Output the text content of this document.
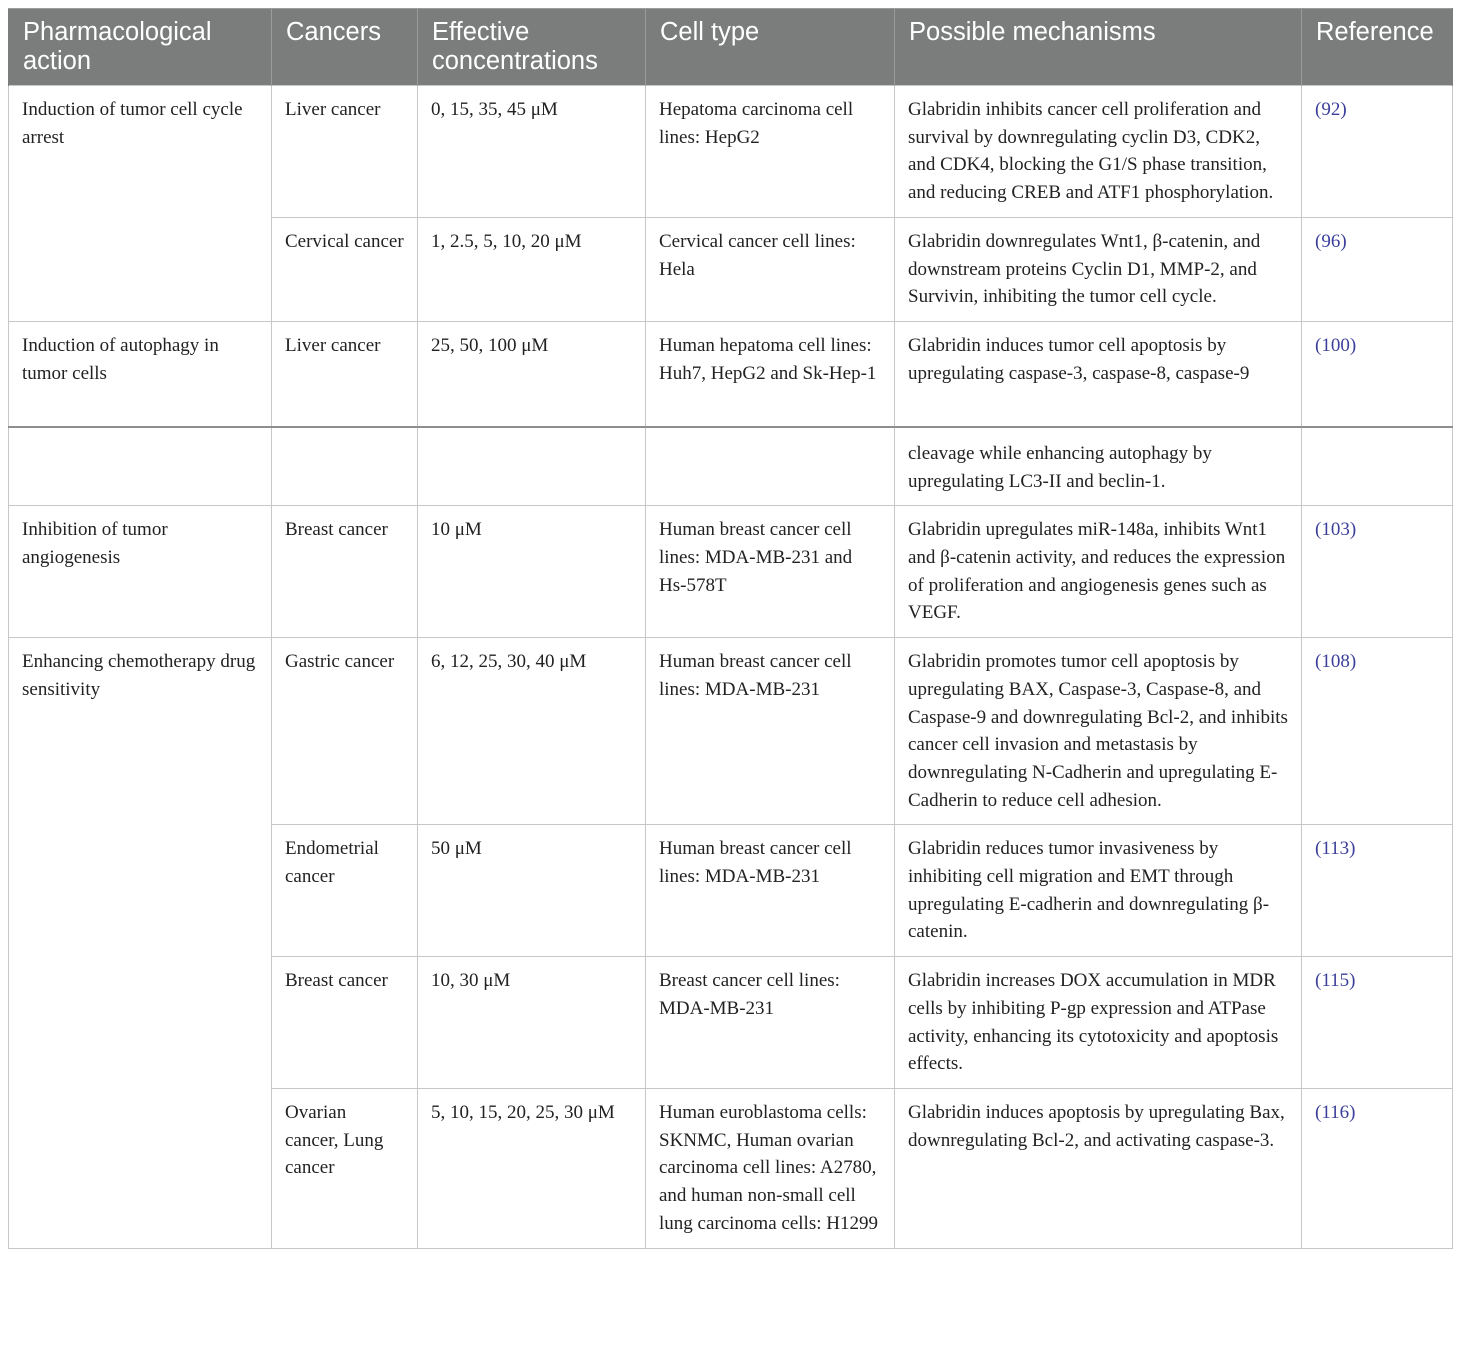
Pharmacological action	Cancers	Effective concentrations	Cell type	Possible mechanisms	Reference
Induction of tumor cell cycle arrest	Liver cancer	0, 15, 35, 45 μM	Hepatoma carcinoma cell lines: HepG2	Glabridin inhibits cancer cell proliferation and survival by downregulating cyclin D3, CDK2, and CDK4, blocking the G1/S phase transition, and reducing CREB and ATF1 phosphorylation.	(92)
	Cervical cancer	1, 2.5, 5, 10, 20 μM	Cervical cancer cell lines: Hela	Glabridin downregulates Wnt1, β-catenin, and downstream proteins Cyclin D1, MMP-2, and Survivin, inhibiting the tumor cell cycle.	(96)
Induction of autophagy in tumor cells	Liver cancer	25, 50, 100 μM	Human hepatoma cell lines: Huh7, HepG2 and Sk-Hep-1	Glabridin induces tumor cell apoptosis by upregulating caspase-3, caspase-8, caspase-9	(100)
				cleavage while enhancing autophagy by upregulating LC3-II and beclin-1.	
Inhibition of tumor angiogenesis	Breast cancer	10 μM	Human breast cancer cell lines: MDA-MB-231 and Hs-578T	Glabridin upregulates miR-148a, inhibits Wnt1 and β-catenin activity, and reduces the expression of proliferation and angiogenesis genes such as VEGF.	(103)
Enhancing chemotherapy drug sensitivity	Gastric cancer	6, 12, 25, 30, 40 μM	Human breast cancer cell lines: MDA-MB-231	Glabridin promotes tumor cell apoptosis by upregulating BAX, Caspase-3, Caspase-8, and Caspase-9 and downregulating Bcl-2, and inhibits cancer cell invasion and metastasis by downregulating N-Cadherin and upregulating E-Cadherin to reduce cell adhesion.	(108)
	Endometrial cancer	50 μM	Human breast cancer cell lines: MDA-MB-231	Glabridin reduces tumor invasiveness by inhibiting cell migration and EMT through upregulating E-cadherin and downregulating β-catenin.	(113)
	Breast cancer	10, 30 μM	Breast cancer cell lines: MDA-MB-231	Glabridin increases DOX accumulation in MDR cells by inhibiting P-gp expression and ATPase activity, enhancing its cytotoxicity and apoptosis effects.	(115)
	Ovarian cancer, Lung cancer	5, 10, 15, 20, 25, 30 μM	Human euroblastoma cells: SKNMC, Human ovarian carcinoma cell lines: A2780, and human non-small cell lung carcinoma cells: H1299	Glabridin induces apoptosis by upregulating Bax, downregulating Bcl-2, and activating caspase-3.	(116)
